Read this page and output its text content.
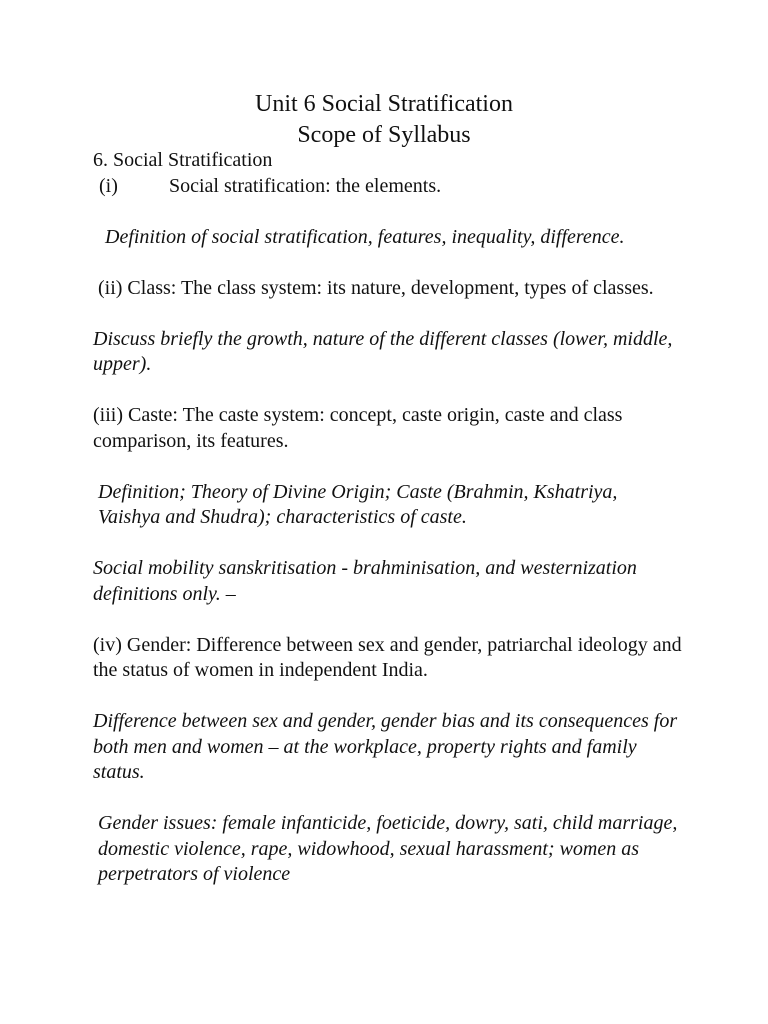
Unit 6 Social Stratification
Scope of Syllabus

6. Social Stratification

(i)	Social stratification: the elements.

Definition of social stratification, features, inequality, difference.

(ii) Class: The class system: its nature, development, types of classes.

Discuss briefly the growth, nature of the different classes (lower, middle, upper).

(iii) Caste: The caste system: concept, caste origin, caste and class comparison, its features.

Definition; Theory of Divine Origin; Caste (Brahmin, Kshatriya, Vaishya and Shudra); characteristics of caste.

Social mobility sanskritisation - brahminisation, and westernization definitions only. –

(iv) Gender: Difference between sex and gender, patriarchal ideology and the status of women in independent India.

Difference between sex and gender, gender bias and its consequences for both men and women – at the workplace, property rights and family status.

Gender issues: female infanticide, foeticide, dowry, sati, child marriage, domestic violence, rape, widowhood, sexual harassment; women as perpetrators of violence
